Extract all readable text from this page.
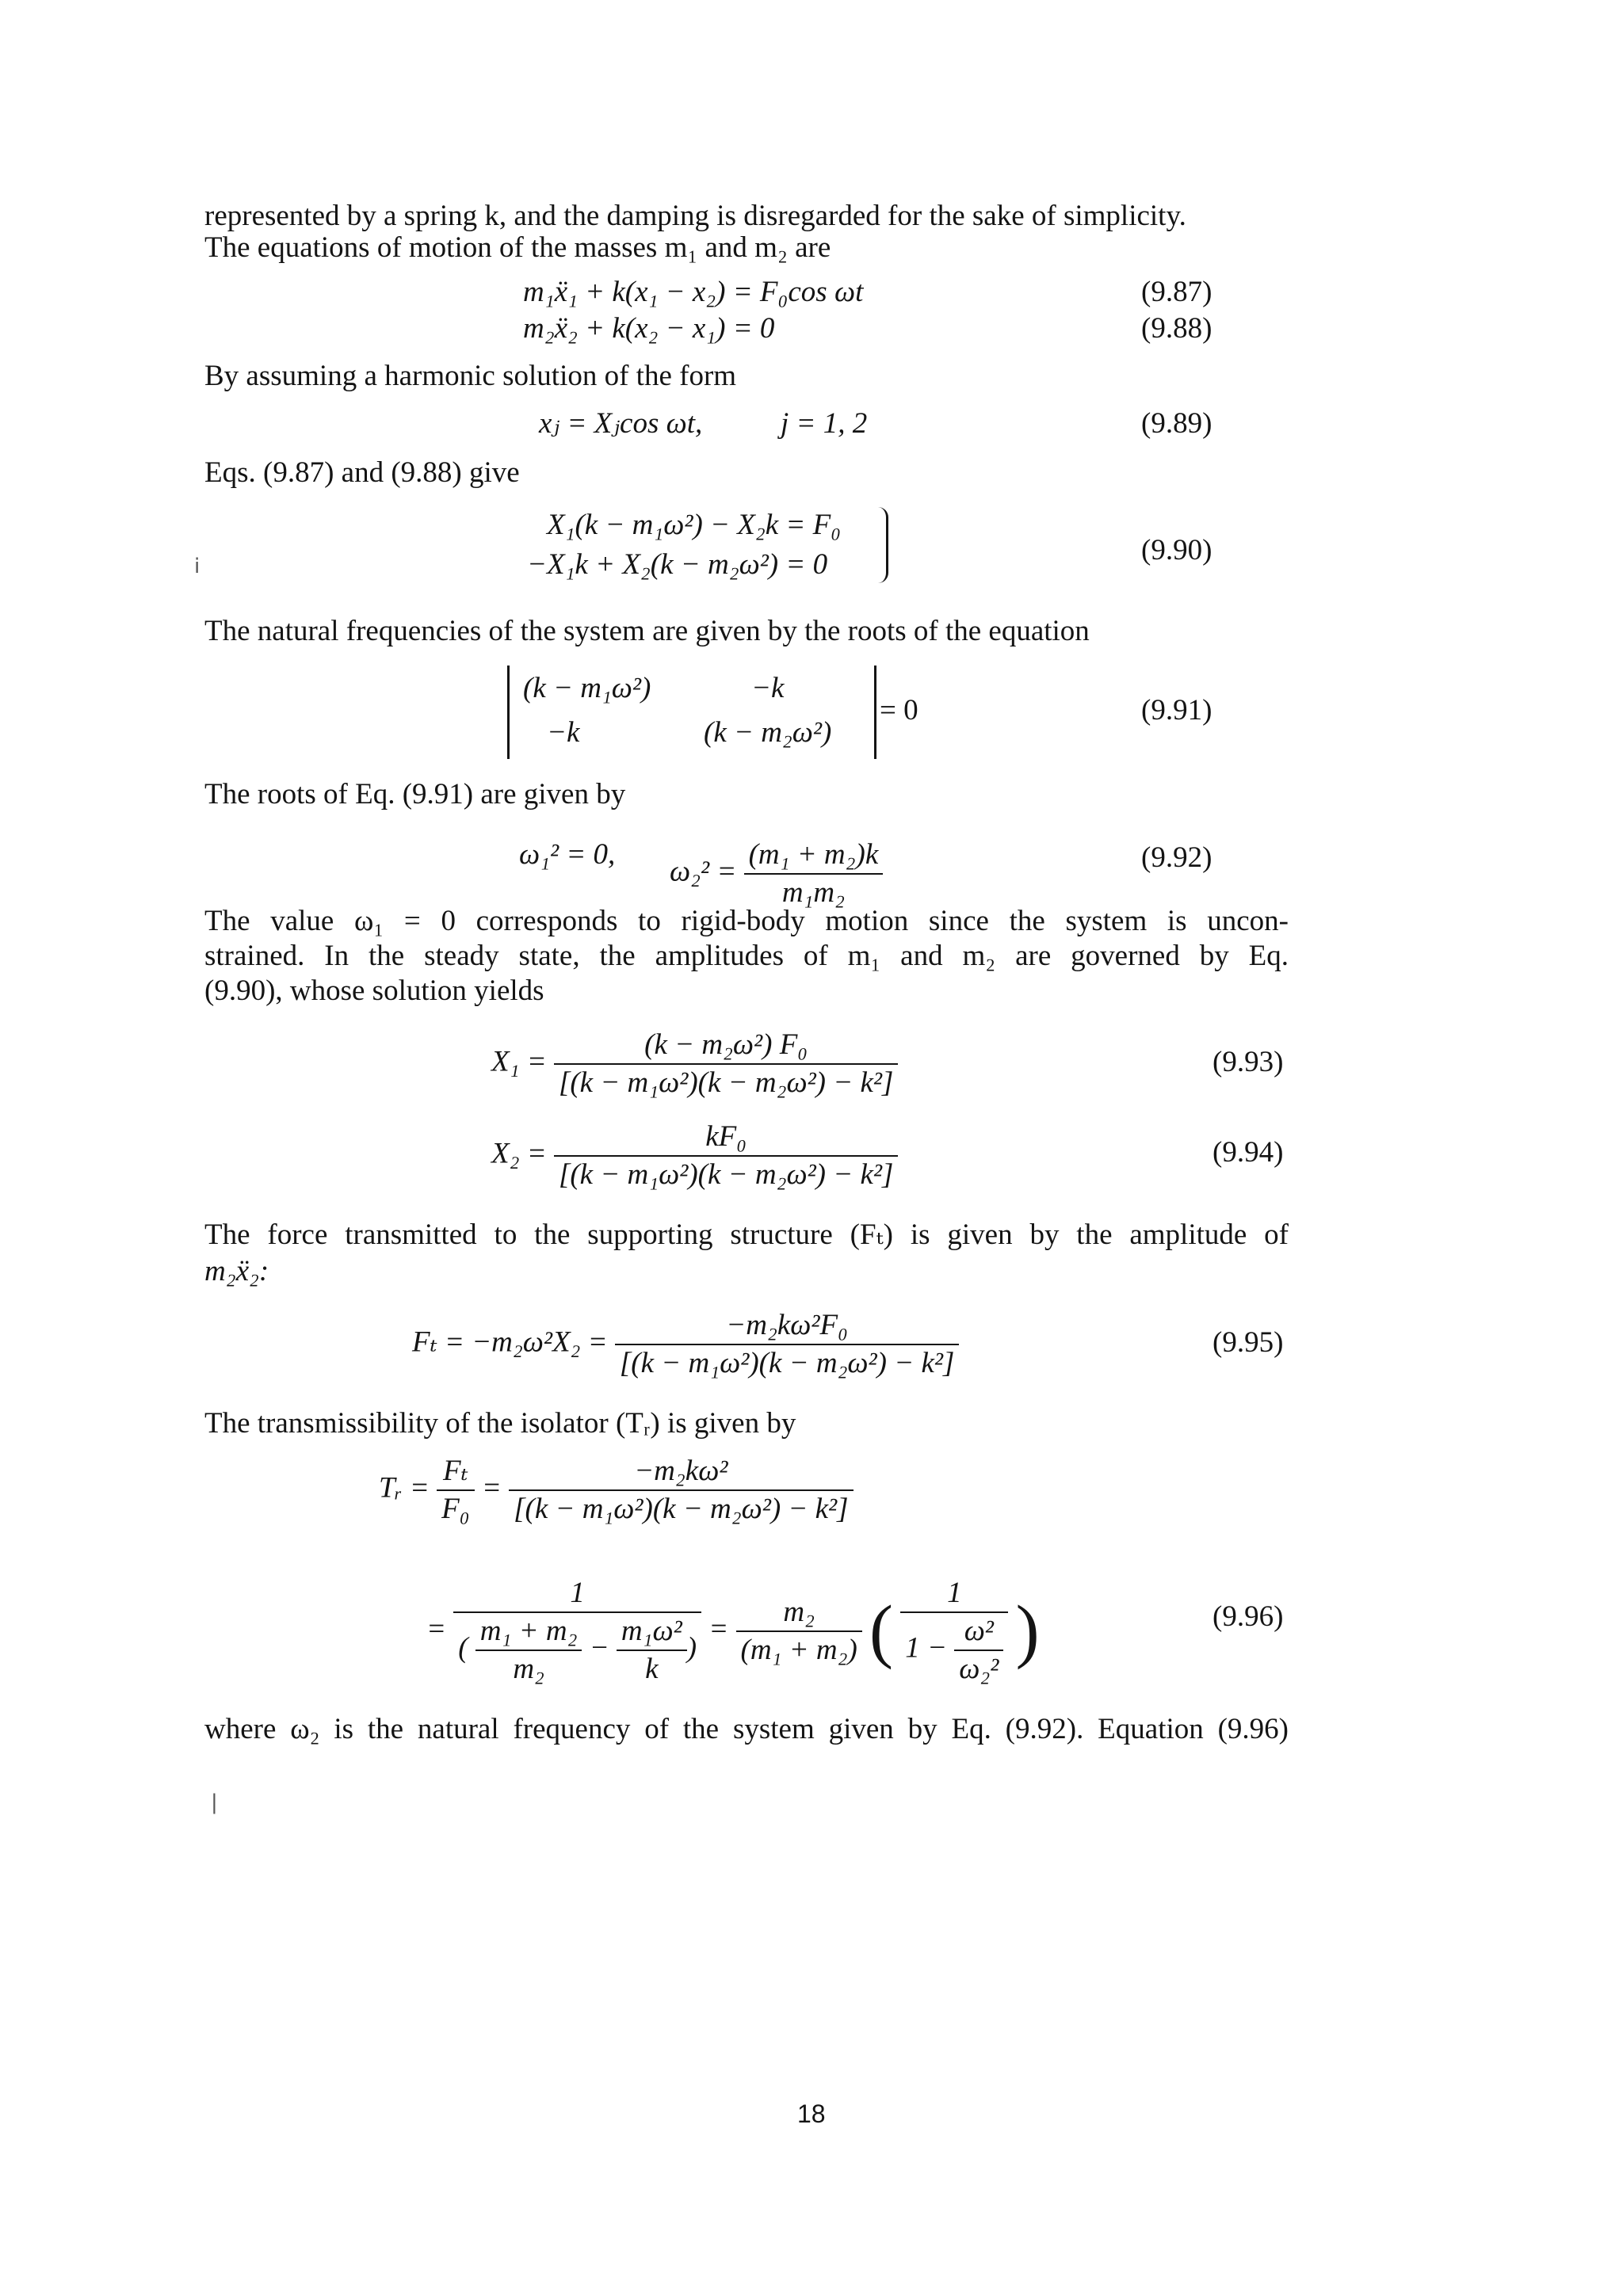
represented by a spring k, and the damping is disregarded for the sake of simplicity.
The equations of motion of the masses m₁ and m₂ are
m₁ẍ₁ + k(x₁ − x₂) = F₀cos ωt	(9.87)
m₂ẍ₂ + k(x₂ − x₁) = 0	(9.88)
By assuming a harmonic solution of the form
xⱼ = Xⱼcos ωt,	j = 1, 2	(9.89)
Eqs. (9.87) and (9.88) give
X₁(k − m₁ω²) − X₂k = F₀
−X₁k + X₂(k − m₂ω²) = 0	(9.90)
i
The natural frequencies of the system are given by the roots of the equation
(k − m₁ω²)	−k
−k	(k − m₂ω²)
= 0	(9.91)
The roots of Eq. (9.91) are given by
ω₁² = 0,
$\omega_2^2 = \frac{\text{(m₁ + m₂)k}}{\text{m₁m₂}}$	(9.92)
The value ω₁ = 0 corresponds to rigid-body motion since the system is uncon-
strained. In the steady state, the amplitudes of m₁ and m₂ are governed by Eq.
(9.90), whose solution yields
$X_1 = \frac{\text{(k − m₂ω²) F₀}}{\text{[(k − m₁ω²)(k − m₂ω²) − k²]}}$	(9.93)
$X_2 = \frac{\text{kF₀}}{\text{[(k − m₁ω²)(k − m₂ω²) − k²]}}$	(9.94)
The force transmitted to the supporting structure (Fₜ) is given by the amplitude of
m₂ẍ₂:
$F_t = -m_2\omega^2X_2 = \frac{\text{−m₂kω²F₀}}{\text{[(k − m₁ω²)(k − m₂ω²) − k²]}}$	(9.95)
The transmissibility of the isolator (Tᵣ) is given by
Tᵣ = $\frac{\text{Fₜ}}{\text{F₀}} = \frac{\text{−m₂kω²}}{\text{[(k − m₁ω²)(k − m₂ω²) − k²]}}$
=
1
( $\frac{\text{m₁ + m₂}}{\text{m₂}} - \frac{\text{m₁ω²}}{k}$ )
= $\frac{\text{m₂}}{\text{(m₁ + m₂)}}$ ( $\frac{1}{1 - \frac{\text{ω²}}{\text{ω₂²}}}$ )	(9.96)
where ω₂ is the natural frequency of the system given by Eq. (9.92). Equation (9.96)
|
18
